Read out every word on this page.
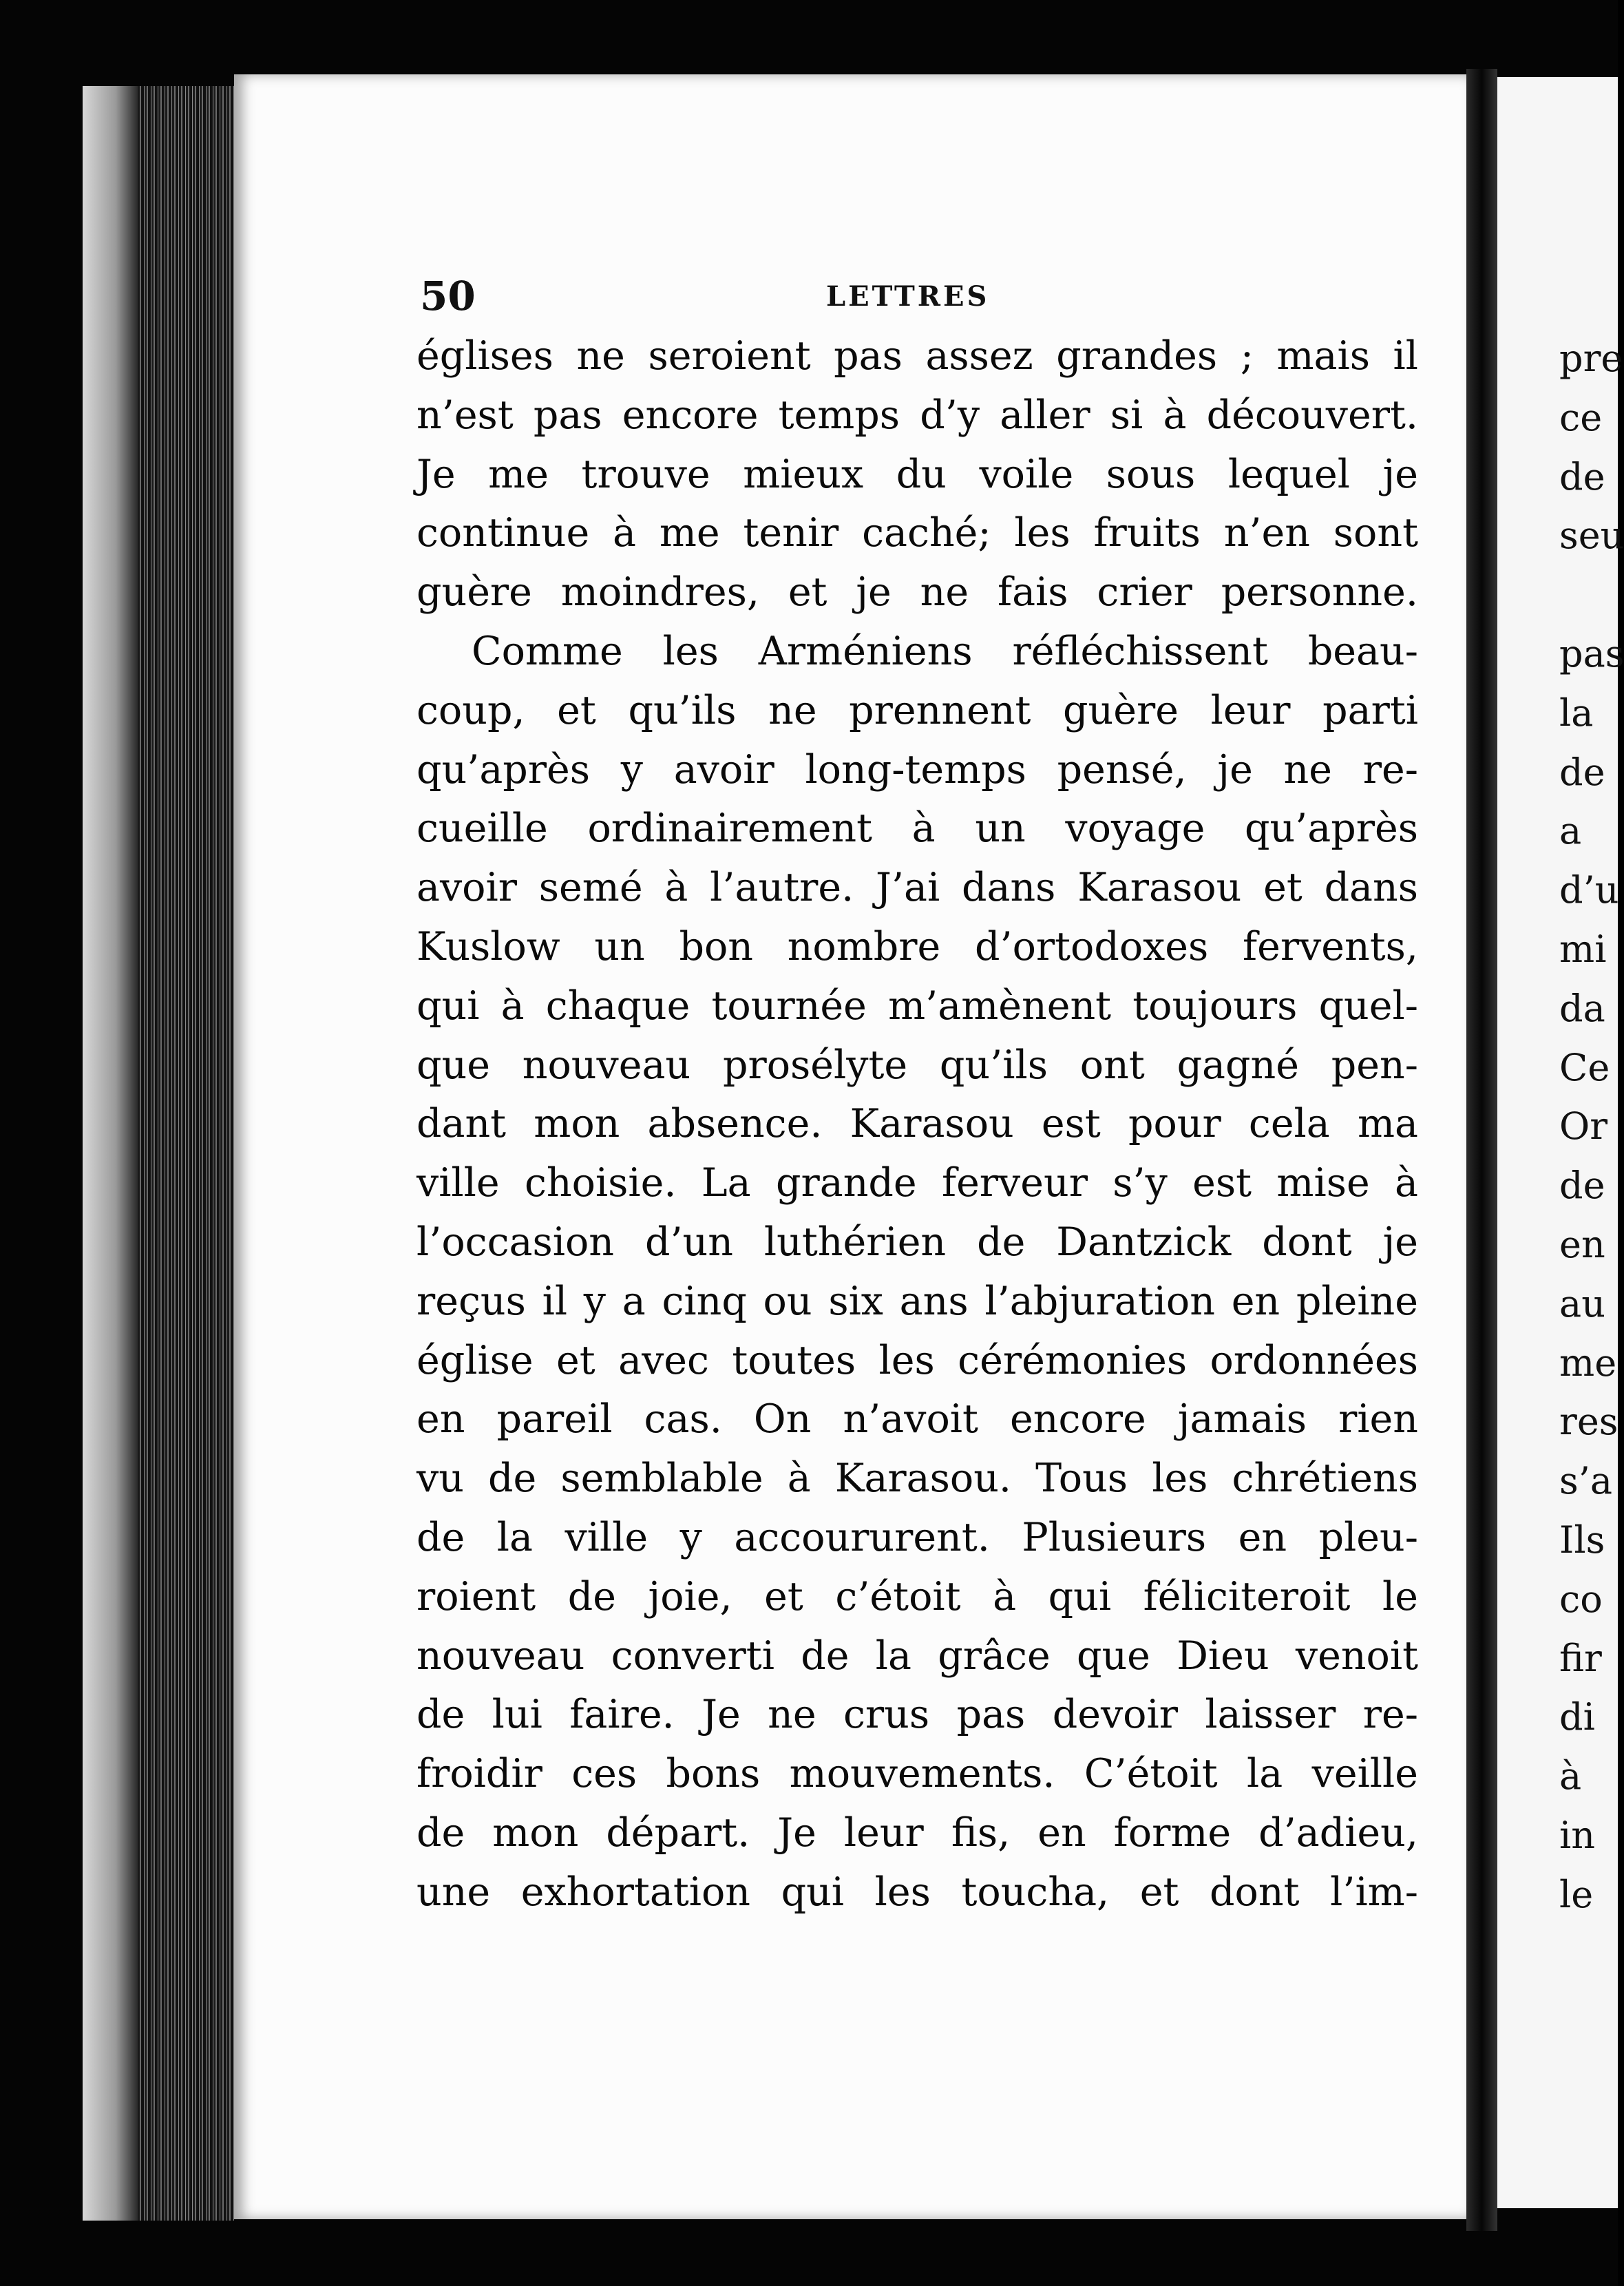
50	LETTRES
églises ne seroient pas assez grandes ; mais il
n’est pas encore temps d’y aller si à découvert.
Je me trouve mieux du voile sous lequel je
continue à me tenir caché; les fruits n’en sont
guère moindres, et je ne fais crier personne.
Comme les Arméniens réfléchissent beau-
coup, et qu’ils ne prennent guère leur parti
qu’après y avoir long-temps pensé, je ne re-
cueille ordinairement à un voyage qu’après
avoir semé à l’autre. J’ai dans Karasou et dans
Kuslow un bon nombre d’ortodoxes fervents,
qui à chaque tournée m’amènent toujours quel-
que nouveau prosélyte qu’ils ont gagné pen-
dant mon absence. Karasou est pour cela ma
ville choisie. La grande ferveur s’y est mise à
l’occasion d’un luthérien de Dantzick dont je
reçus il y a cinq ou six ans l’abjuration en pleine
église et avec toutes les cérémonies ordonnées
en pareil cas. On n’avoit encore jamais rien
vu de semblable à Karasou. Tous les chrétiens
de la ville y accoururent. Plusieurs en pleu-
roient de joie, et c’étoit à qui féliciteroit le
nouveau converti de la grâce que Dieu venoit
de lui faire. Je ne crus pas devoir laisser re-
froidir ces bons mouvements. C’étoit la veille
de mon départ. Je leur fis, en forme d’adieu,
une exhortation qui les toucha, et dont l’im-
pre
ce
de
seu
pas
la
de
a
d’u
mi
da
Ce
Or
de
en
au
me
res
s’a
Ils
co
fir
di
à
in
le
